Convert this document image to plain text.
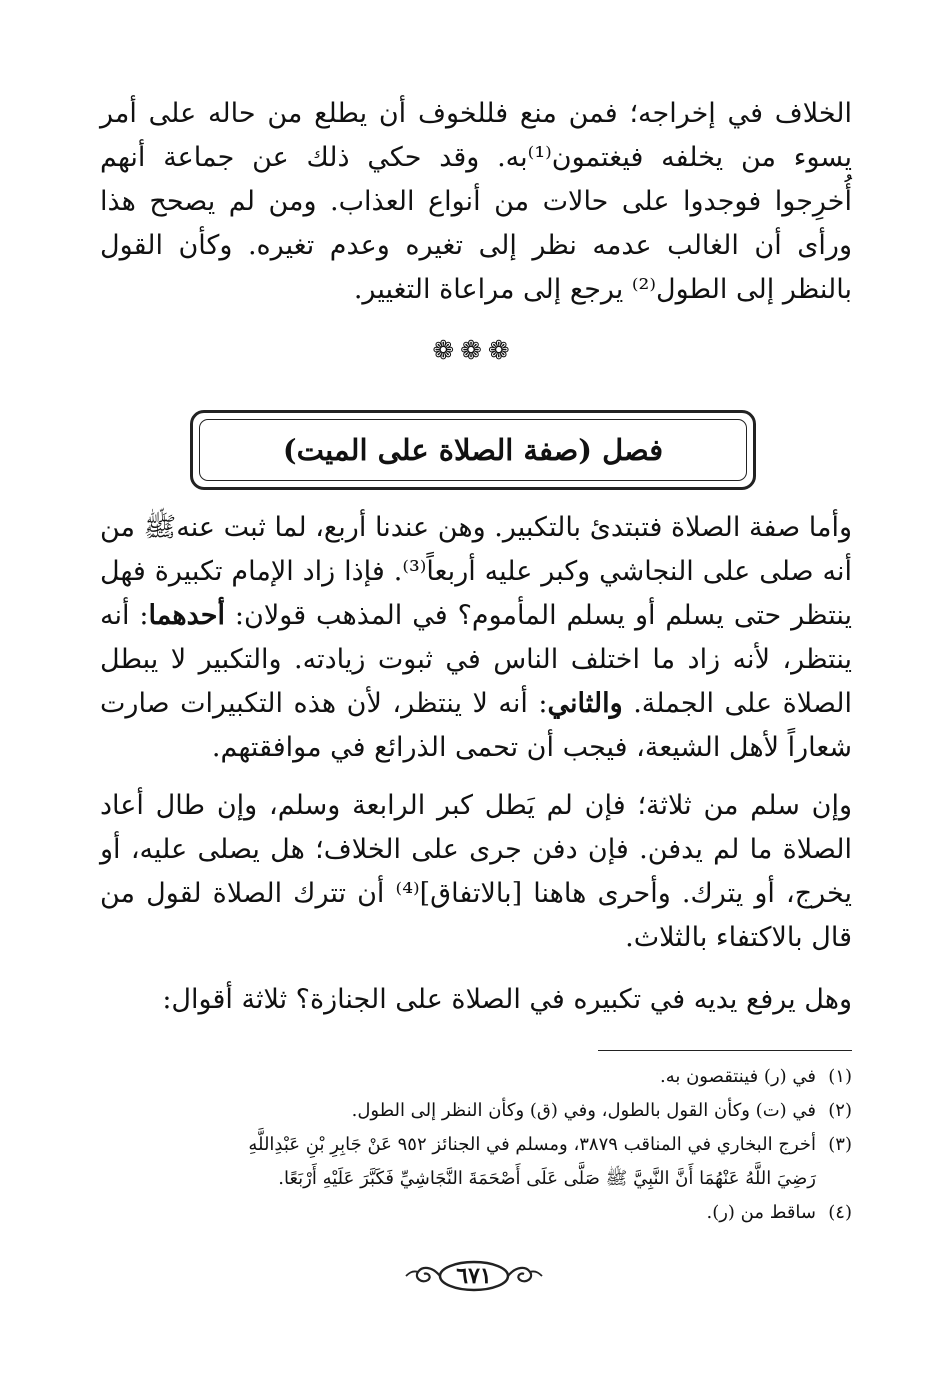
الخلاف في إخراجه؛ فمن منع فللخوف أن يطلع من حاله على أمر يسوء من يخلفه فيغتمون⁽¹⁾به. وقد حكي ذلك عن جماعة أنهم أُخرِجوا فوجدوا على حالات من أنواع العذاب. ومن لم يصحح هذا ورأى أن الغالب عدمه نظر إلى تغيره وعدم تغيره. وكأن القول بالنظر إلى الطول⁽²⁾ يرجع إلى مراعاة التغيير.

❁❁❁
فصل (صفة الصلاة على الميت)

وأما صفة الصلاة فتبتدئ بالتكبير. وهن عندنا أربع، لما ثبت عنهﷺ من أنه صلى على النجاشي وكبر عليه أربعاً⁽³⁾. فإذا زاد الإمام تكبيرة فهل ينتظر حتى يسلم أو يسلم المأموم؟ في المذهب قولان: أحدهما: أنه ينتظر، لأنه زاد ما اختلف الناس في ثبوت زيادته. والتكبير لا يبطل الصلاة على الجملة. والثاني: أنه لا ينتظر، لأن هذه التكبيرات صارت شعاراً لأهل الشيعة، فيجب أن تحمى الذرائع في موافقتهم.

وإن سلم من ثلاثة؛ فإن لم يَطل كبر الرابعة وسلم، وإن طال أعاد الصلاة ما لم يدفن. فإن دفن جرى على الخلاف؛ هل يصلى عليه، أو يخرج، أو يترك. وأحرى هاهنا [بالاتفاق]⁽⁴⁾ أن تترك الصلاة لقول من قال بالاكتفاء بالثلاث.

وهل يرفع يديه في تكبيره في الصلاة على الجنازة؟ ثلاثة أقوال:

(١)
في (ر) فينتقصون به.
(٢)
في (ت) وكأن القول بالطول، وفي (ق) وكأن النظر إلى الطول.
(٣)
أخرج البخاري في المناقب ٣٨٧٩، ومسلم في الجنائز ٩٥٢ عَنْ جَابِرِ بْنِ عَبْدِاللَّهِ
رَضِيَ اللَّهُ عَنْهُمَا أَنَّ النَّبِيَّ ﷺ صَلَّى عَلَى أَصْحَمَةَ النَّجَاشِيِّ فَكَبَّرَ عَلَيْهِ أَرْبَعًا.
(٤)
ساقط من (ر).
٦٧١
